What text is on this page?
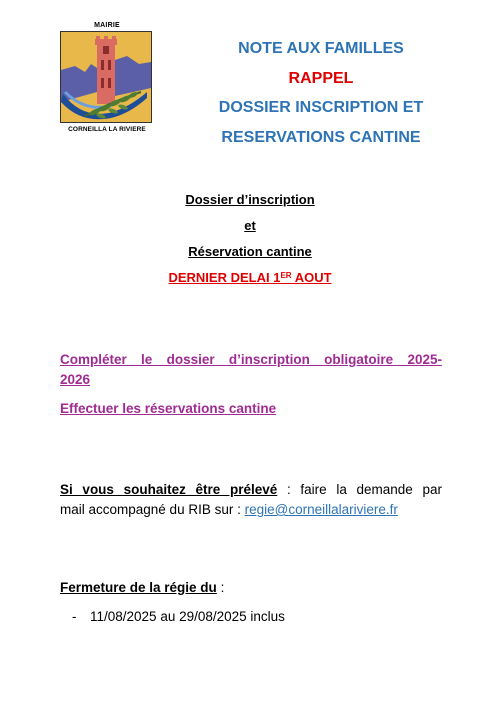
MAIRIE
CORNEILLA LA RIVIERE
NOTE AUX FAMILLES
RAPPEL
DOSSIER INSCRIPTION ET
RESERVATIONS CANTINE
Dossier d’inscription
et
Réservation cantine
DERNIER DELAI 1ER AOUT
Compléter le dossier d’inscription obligatoire 2025-
2026
Effectuer les réservations cantine
Si vous souhaitez être prélevé : faire la demande par
mail accompagné du RIB sur : regie@corneillalariviere.fr
Fermeture de la régie du :
- 11/08/2025 au 29/08/2025 inclus
